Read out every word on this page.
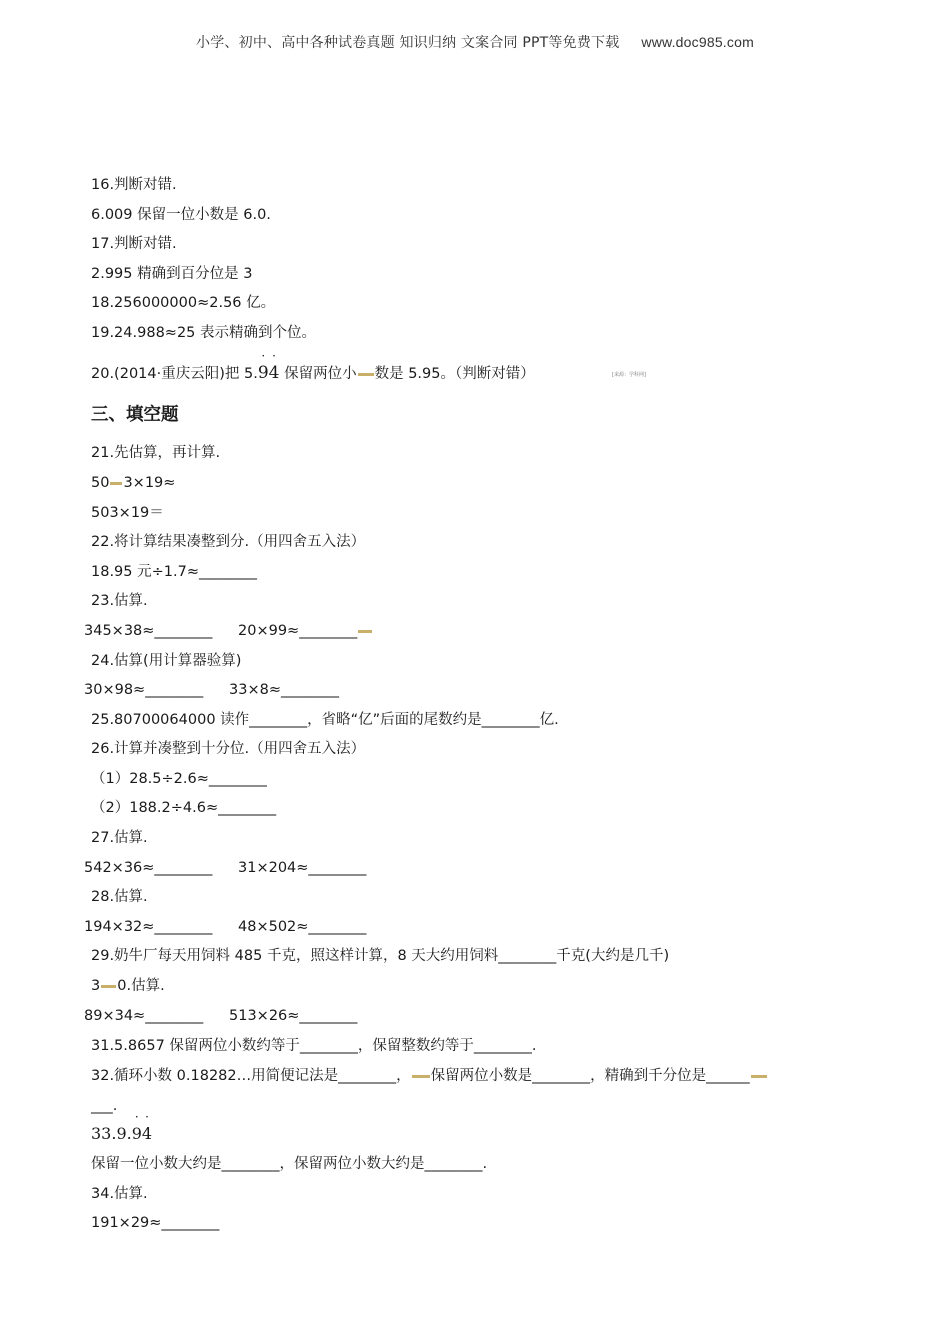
小学、初中、高中各种试卷真题 知识归纳 文案合同 PPT等免费下载 www.doc985.com
16.判断对错.
6.009 保留一位小数是 6.0.
17.判断对错.
2.995 精确到百分位是 3
18.256000000≈2.56 亿。
19.24.988≈25 表示精确到个位。
20.(2014·重庆云阳)把 5.· 9· 4 保留两位小 数是 5.95。（判断对错）	[来源：学科网]
三、填空题
21.先估算，再计算.
50 3×19≈
503×19＝
22.将计算结果凑整到分.（用四舍五入法）
18.95 元÷1.7≈________
23.估算.
345×38≈________ 20×99≈________
24.估算(用计算器验算)
30×98≈________ 33×8≈________
25.80700064000 读作________，省略“亿”后面的尾数约是________亿.
26.计算并凑整到十分位.（用四舍五入法）
（1）28.5÷2.6≈________
（2）188.2÷4.6≈________
27.估算.
542×36≈________ 31×204≈________
28.估算.
194×32≈________ 48×502≈________
29.奶牛厂每天用饲料 485 千克，照这样计算，8 天大约用饲料________千克(大约是几千)
3 0.估算.
89×34≈________ 513×26≈________
31.5.8657 保留两位小数约等于________，保留整数约等于________.
32.循环小数 0.18282…用简便记法是________， 保留两位小数是________，精确到千分位是______
___.
33.9.· 9· 4
保留一位小数大约是________，保留两位小数大约是________.
34.估算.
191×29≈________
